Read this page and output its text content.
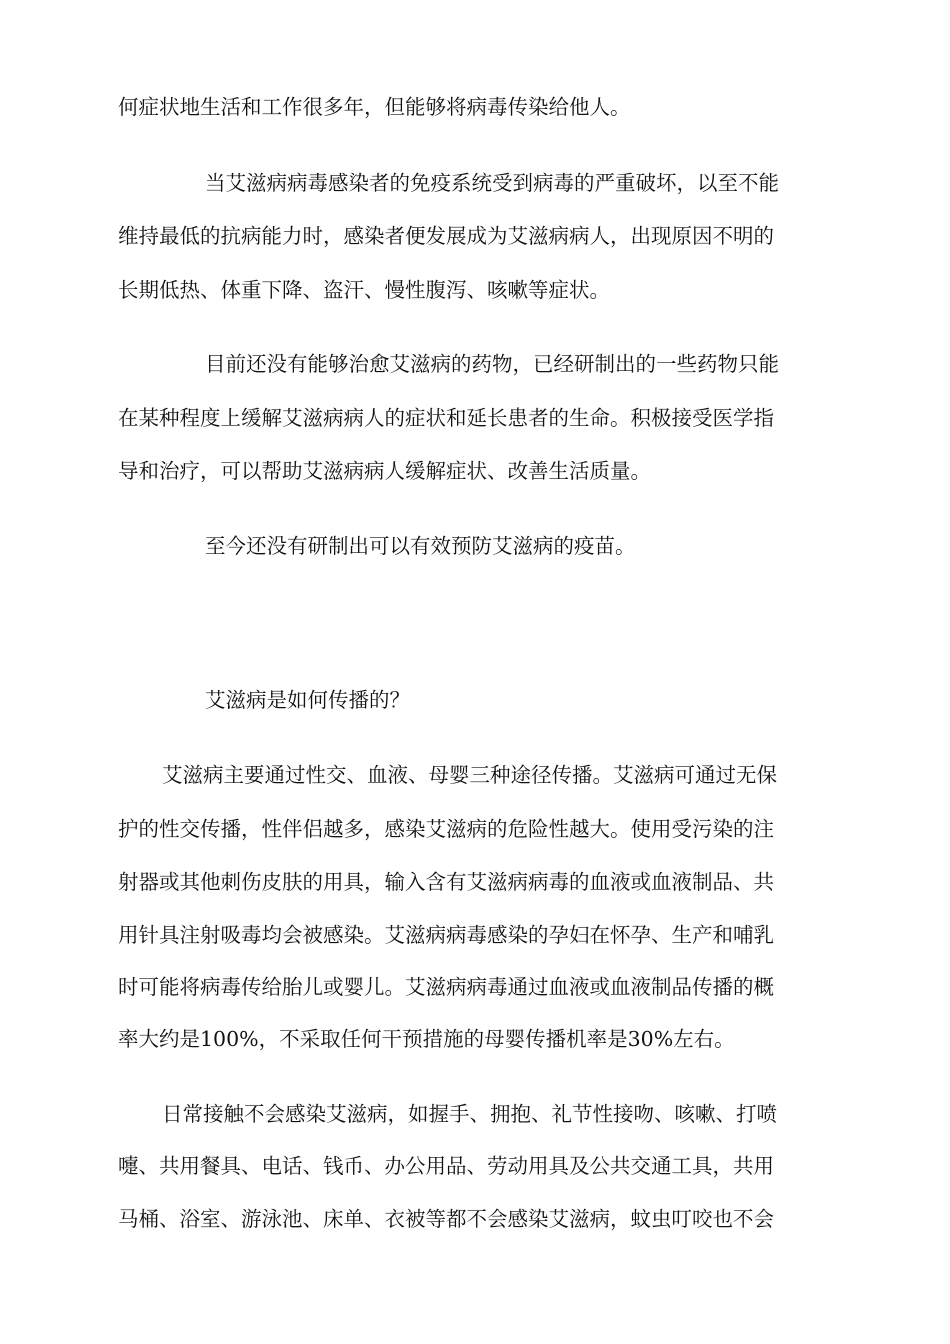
何症状地生活和工作很多年，但能够将病毒传染给他人。
当艾滋病病毒感染者的免疫系统受到病毒的严重破坏，以至不能
维持最低的抗病能力时，感染者便发展成为艾滋病病人，出现原因不明的
长期低热、体重下降、盗汗、慢性腹泻、咳嗽等症状。
目前还没有能够治愈艾滋病的药物，已经研制出的一些药物只能
在某种程度上缓解艾滋病病人的症状和延长患者的生命。积极接受医学指
导和治疗，可以帮助艾滋病病人缓解症状、改善生活质量。
至今还没有研制出可以有效预防艾滋病的疫苗。
艾滋病是如何传播的？
艾滋病主要通过性交、血液、母婴三种途径传播。艾滋病可通过无保
护的性交传播，性伴侣越多，感染艾滋病的危险性越大。使用受污染的注
射器或其他刺伤皮肤的用具，输入含有艾滋病病毒的血液或血液制品、共
用针具注射吸毒均会被感染。艾滋病病毒感染的孕妇在怀孕、生产和哺乳
时可能将病毒传给胎儿或婴儿。艾滋病病毒通过血液或血液制品传播的概
率大约是100%，不采取任何干预措施的母婴传播机率是30%左右。
日常接触不会感染艾滋病，如握手、拥抱、礼节性接吻、咳嗽、打喷
嚏、共用餐具、电话、钱币、办公用品、劳动用具及公共交通工具，共用
马桶、浴室、游泳池、床单、衣被等都不会感染艾滋病，蚊虫叮咬也不会
